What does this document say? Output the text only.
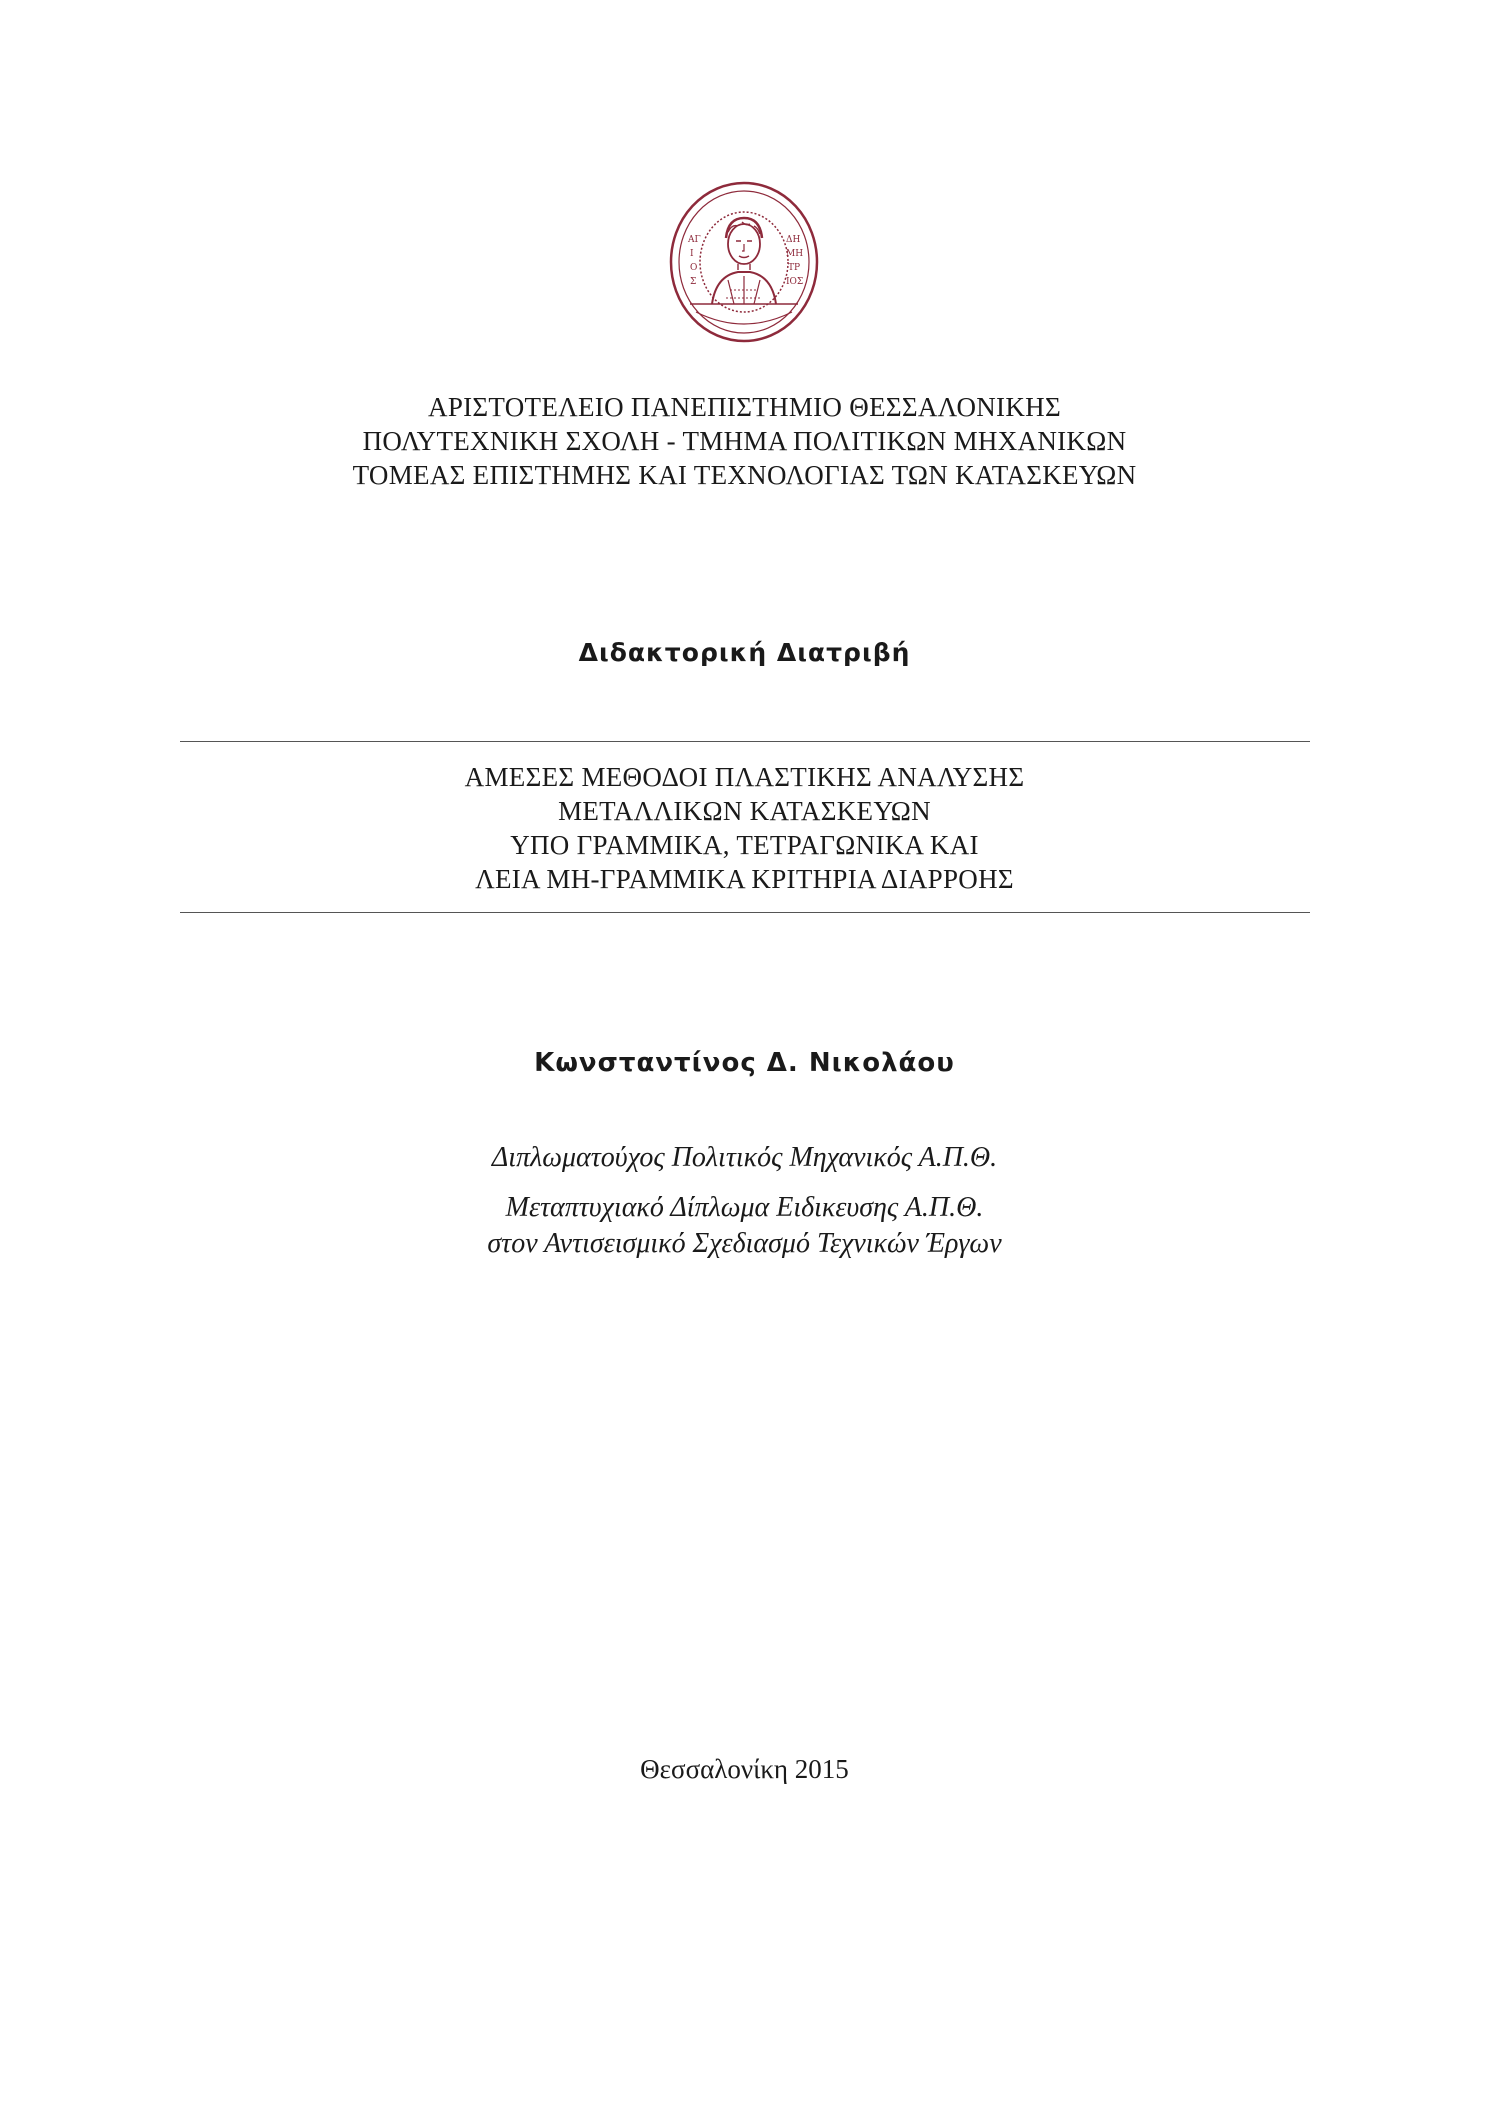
ΑΓ
Ι
Ο
Σ
ΔΗ
ΜΗ
ΤΡ
ΙΟΣ
ΑΡΙΣΤΟΤΕΛΕΙΟ ΠΑΝΕΠΙΣΤΗΜΙΟ ΘΕΣΣΑΛΟΝΙΚΗΣ
ΠΟΛΥΤΕΧΝΙΚΗ ΣΧΟΛΗ - ΤΜΗΜΑ ΠΟΛΙΤΙΚΩΝ ΜΗΧΑΝΙΚΩΝ
ΤΟΜΕΑΣ ΕΠΙΣΤΗΜΗΣ ΚΑΙ ΤΕΧΝΟΛΟΓΙΑΣ ΤΩΝ ΚΑΤΑΣΚΕΥΩΝ
Διδακτορική Διατριβή
ΑΜΕΣΕΣ ΜΕΘΟΔΟΙ ΠΛΑΣΤΙΚΗΣ ΑΝΑΛΥΣΗΣ
ΜΕΤΑΛΛΙΚΩΝ ΚΑΤΑΣΚΕΥΩΝ
ΥΠΟ ΓΡΑΜΜΙΚΑ, ΤΕΤΡΑΓΩΝΙΚΑ ΚΑΙ
ΛΕΙΑ ΜΗ-ΓΡΑΜΜΙΚΑ ΚΡΙΤΗΡΙΑ ΔΙΑΡΡΟΗΣ
Κωνσταντίνος Δ. Νικολάου
Διπλωματούχος Πολιτικός Μηχανικός Α.Π.Θ.
Μεταπτυχιακό Δίπλωμα Ειδικευσης Α.Π.Θ.
στον Αντισεισμικό Σχεδιασμό Τεχνικών Έργων
Θεσσαλονίκη 2015
